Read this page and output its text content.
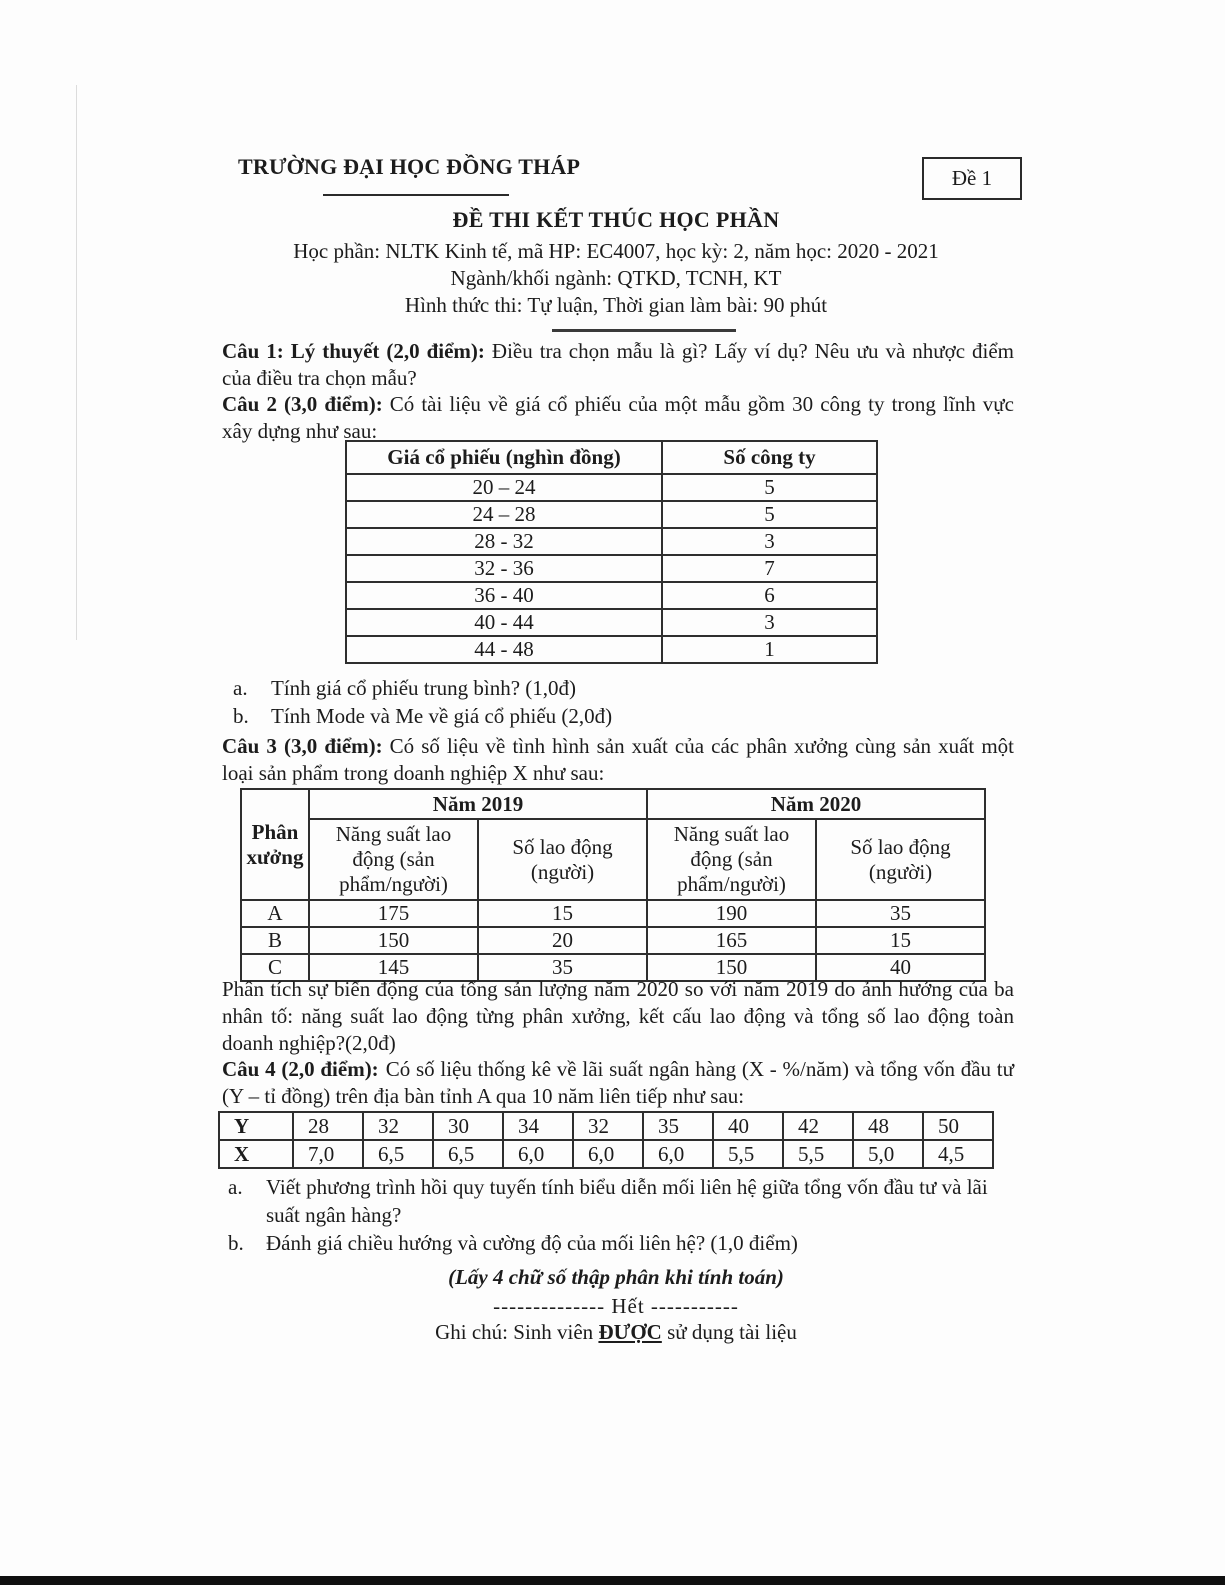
TRƯỜNG ĐẠI HỌC ĐỒNG THÁP	Đề 1
ĐỀ THI KẾT THÚC HỌC PHẦN
Học phần: NLTK Kinh tế, mã HP: EC4007, học kỳ: 2, năm học: 2020 - 2021
Ngành/khối ngành: QTKD, TCNH, KT
Hình thức thi: Tự luận, Thời gian làm bài: 90 phút
Câu 1: Lý thuyết (2,0 điểm): Điều tra chọn mẫu là gì? Lấy ví dụ? Nêu ưu và nhược điểm của điều tra chọn mẫu?
Câu 2 (3,0 điểm): Có tài liệu về giá cổ phiếu của một mẫu gồm 30 công ty trong lĩnh vực xây dựng như sau:
Giá cổ phiếu (nghìn đồng)	Số công ty
20 – 24	5
24 – 28	5
28 - 32	3
32 - 36	7
36 - 40	6
40 - 44	3
44 - 48	1
a.	Tính giá cổ phiếu trung bình? (1,0đ)
b.	Tính Mode và Me về giá cổ phiếu (2,0đ)
Câu 3 (3,0 điểm): Có số liệu về tình hình sản xuất của các phân xưởng cùng sản xuất một loại sản phẩm trong doanh nghiệp X như sau:
Phân xưởng	Năm 2019		Năm 2020	
	Năng suất lao động (sản phẩm/người)	Số lao động (người)	Năng suất lao động (sản phẩm/người)	Số lao động (người)
A	175	15	190	35
B	150	20	165	15
C	145	35	150	40
Phân tích sự biến động của tổng sản lượng năm 2020 so với năm 2019 do ảnh hưởng của ba nhân tố: năng suất lao động từng phân xưởng, kết cấu lao động và tổng số lao động toàn doanh nghiệp?(2,0đ)
Câu 4 (2,0 điểm): Có số liệu thống kê về lãi suất ngân hàng (X - %/năm) và tổng vốn đầu tư (Y – tỉ đồng) trên địa bàn tỉnh A qua 10 năm liên tiếp như sau:
Y	28	32	30	34	32	35	40	42	48	50
X	7,0	6,5	6,5	6,0	6,0	6,0	5,5	5,5	5,0	4,5
a.	Viết phương trình hồi quy tuyến tính biểu diễn mối liên hệ giữa tổng vốn đầu tư và lãi suất ngân hàng?
b.	Đánh giá chiều hướng và cường độ của mối liên hệ? (1,0 điểm)
(Lấy 4 chữ số thập phân khi tính toán)
-------------- Hết -----------
Ghi chú: Sinh viên ĐƯỢC sử dụng tài liệu
